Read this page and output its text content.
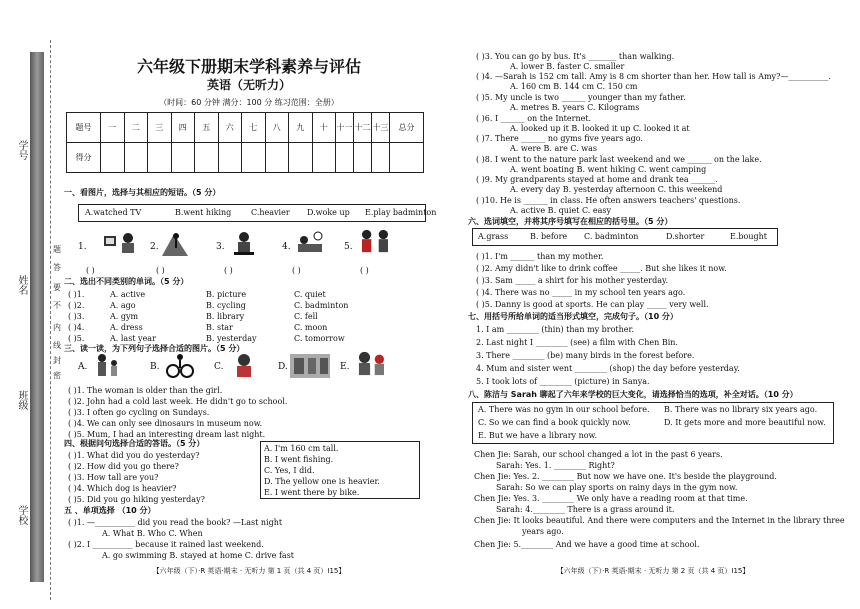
学号
姓名
班级
学校
密
封
线
内
不
要
答
题
六年级下册期末学科素养与评估
英语（无听力）
（时间：60 分钟 满分：100 分 练习范围：全册）
题号	一	二	三	四	五	六	七	八	九	十	十一	十二	十三	总分
得分														
一、看图片，选择与其相应的短语。（5 分）
A.watched TV	B.went hiking C.heavier D.woke up E.play badminton
1.	2.	3.	4.	5.
( )	( )	( )	( )	( )
二、选出不同类别的单词。（5 分）
( )1.	A. active	B. picture	C. quiet
( )2.	A. ago	B. cycling	C. badminton
( )3.	A. gym	B. library	C. fell
( )4.	A. dress	B. star	C. moon
( )5.	A. last year	B. yesterday	C. tomorrow
三、读一读，为下列句子选择合适的图片。（5 分）
A.	B.	C.	D.	E.
( )1. The woman is older than the girl.
( )2. John had a cold last week. He didn't go to school.
( )3. I often go cycling on Sundays.
( )4. We can only see dinosaurs in museum now.
( )5. Mum, I had an interesting dream last night.
四、根据问句选择合适的答语。（5 分）
( )1. What did you do yesterday?
( )2. How did you go there?
( )3. How tall are you?
( )4. Which dog is heavier?
( )5. Did you go hiking yesterday?
A. I'm 160 cm tall.
B. I went fishing.
C. Yes, I did.
D. The yellow one is heavier.
E. I went there by bike.
五 、单项选择 （10 分）
( )1. —__________ did you read the book? —Last night
A. What B. Who C. When
( )2. I __________ because it rained last weekend.
A. go swimming B. stayed at home C. drive fast
【六年级（下）·R 英语·期末 · 无听力 第 1 页（共 4 页）I15】
( )3. You can go by bus. It's _______ than walking.
A. lower B. faster C. smaller
( )4. —Sarah is 152 cm tall. Amy is 8 cm shorter than her. How tall is Amy?—__________.
A. 160 cm B. 144 cm C. 150 cm
( )5. My uncle is two ______ younger than my father.
A. metres B. years C. Kilograms
( )6. I ______ on the Internet.
A. looked up it B. looked it up C. looked it at
( )7. There ______ no gyms five years ago.
A. were B. are C. was
( )8. I went to the nature park last weekend and we ______ on the lake.
A. went boating B. went hiking C. went camping
( )9. My grandparents stayed at home and drank tea ______.
A. every day B. yesterday afternoon C. this weekend
( )10. He is ______ in class. He often answers teachers' questions.
A. active B. quiet C. easy
六、选词填空，并将其序号填写在相应的括号里。（5 分）
A.grass	B. before C. badminton	D.shorter	E.bought
( )1. I'm ______ than my mother.
( )2. Amy didn't like to drink coffee _____. But she likes it now.
( )3. Sam _____ a shirt for his mother yesterday.
( )4. There was no _____ in my school ten years ago.
( )5. Danny is good at sports. He can play _____ very well.
七、用括号所给单词的适当形式填空，完成句子。（10 分）
1. I am ________ (thin) than my brother.
2. Last night I ________ (see) a film with Chen Bin.
3. There ________ (be) many birds in the forest before.
4. Mum and sister went ________ (shop) the day before yesterday.
5. I took lots of ________ (picture) in Sanya.
八、陈洁与 Sarah 聊起了六年来学校的巨大变化，请选择恰当的选项，补全对话。（10 分）
A. There was no gym in our school before. B. There was no library six years ago.
C. So we can find a book quickly now.	D. It gets more and more beautiful now.
E. But we have a library now.
Chen Jie: Sarah, our school changed a lot in the past 6 years.
Sarah: Yes. 1. ________ Right?
Chen Jie: Yes. 2. ________ But now we have one. It's beside the playground.
Sarah: So we can play sports on rainy days in the gym now.
Chen Jie: Yes. 3. ________ We only have a reading room at that time.
Sarah: 4.________ There is a grass around it.
Chen Jie: It looks beautiful. And there were computers and the Internet in the library three
years ago.
Chen Jie: 5.________ And we have a good time at school.
【六年级（下）·R 英语·期末 · 无听力 第 2 页（共 4 页）I15】
